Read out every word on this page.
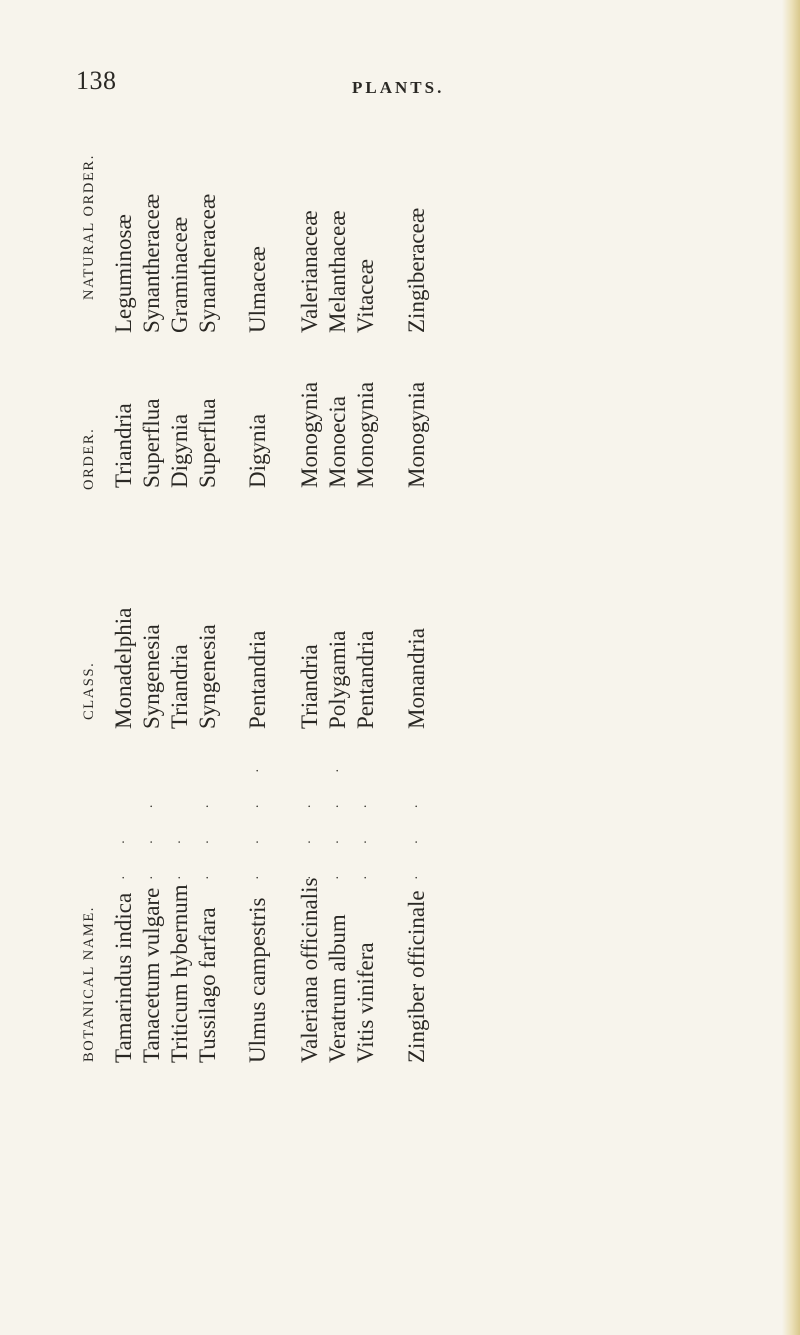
138	PLANTS.
BOTANICAL NAME.
CLASS.
ORDER.
NATURAL ORDER.
Tamarindus indica
··
Monadelphia
Triandria
Leguminosæ
Tanacetum vulgare
···
Syngenesia
Superflua
Synantheraceæ
Triticum hybernum
··
Triandria
Digynia
Graminaceæ
Tussilago farfara
···
Syngenesia
Superflua
Synantheraceæ
Ulmus campestris
····
Pentandria
Digynia
Ulmaceæ
Valeriana officinalis
···
Triandria
Monogynia
Valerianaceæ
Veratrum album
····
Polygamia
Monoecia
Melanthaceæ
Vitis vinifera
···
Pentandria
Monogynia
Vitaceæ
Zingiber officinale
···
Monandria
Monogynia
Zingiberaceæ
